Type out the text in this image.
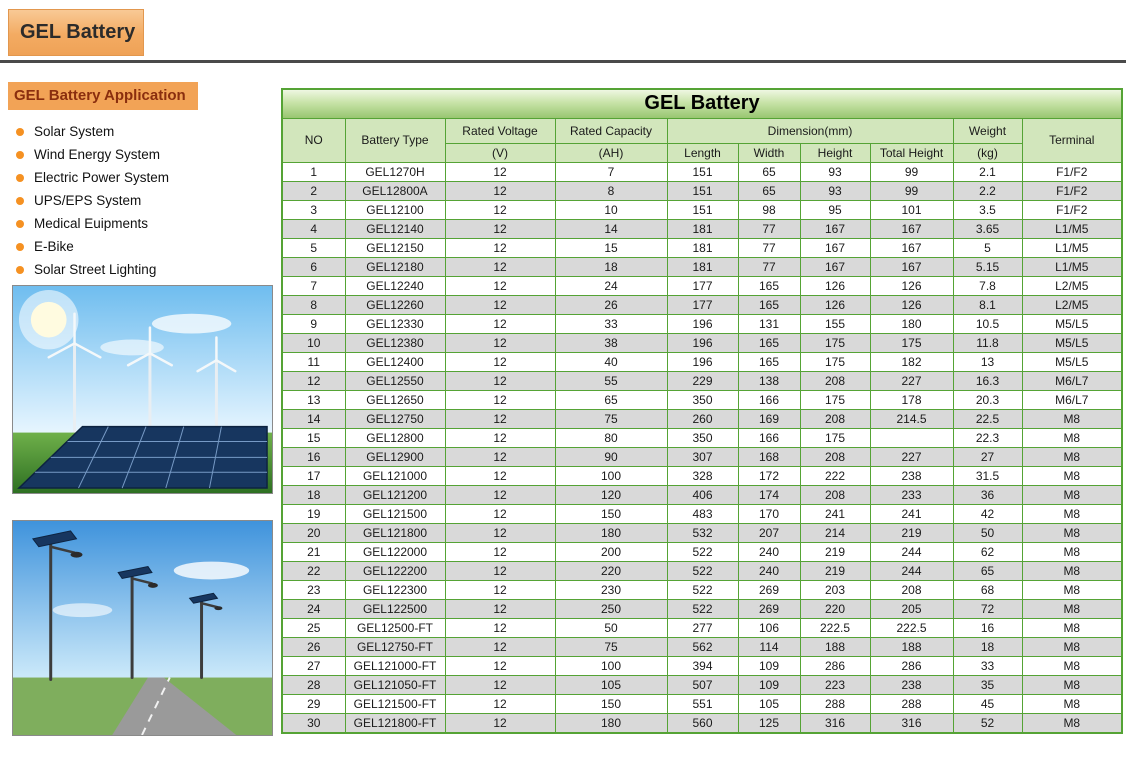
GEL Battery
GEL Battery Application
Solar System
Wind Energy System
Electric Power System
UPS/EPS System
Medical Euipments
E-Bike
Solar Street Lighting
GEL Battery									
NO	Battery Type	Rated Voltage	Rated Capacity	Dimension(mm)				Weight	Terminal
		(V)	(AH)	Length	Width	Height	Total Height	(kg)	
1	GEL1270H	12	7	151	65	93	99	2.1	F1/F2
2	GEL12800A	12	8	151	65	93	99	2.2	F1/F2
3	GEL12100	12	10	151	98	95	101	3.5	F1/F2
4	GEL12140	12	14	181	77	167	167	3.65	L1/M5
5	GEL12150	12	15	181	77	167	167	5	L1/M5
6	GEL12180	12	18	181	77	167	167	5.15	L1/M5
7	GEL12240	12	24	177	165	126	126	7.8	L2/M5
8	GEL12260	12	26	177	165	126	126	8.1	L2/M5
9	GEL12330	12	33	196	131	155	180	10.5	M5/L5
10	GEL12380	12	38	196	165	175	175	11.8	M5/L5
11	GEL12400	12	40	196	165	175	182	13	M5/L5
12	GEL12550	12	55	229	138	208	227	16.3	M6/L7
13	GEL12650	12	65	350	166	175	178	20.3	M6/L7
14	GEL12750	12	75	260	169	208	214.5	22.5	M8
15	GEL12800	12	80	350	166	175		22.3	M8
16	GEL12900	12	90	307	168	208	227	27	M8
17	GEL121000	12	100	328	172	222	238	31.5	M8
18	GEL121200	12	120	406	174	208	233	36	M8
19	GEL121500	12	150	483	170	241	241	42	M8
20	GEL121800	12	180	532	207	214	219	50	M8
21	GEL122000	12	200	522	240	219	244	62	M8
22	GEL122200	12	220	522	240	219	244	65	M8
23	GEL122300	12	230	522	269	203	208	68	M8
24	GEL122500	12	250	522	269	220	205	72	M8
25	GEL12500-FT	12	50	277	106	222.5	222.5	16	M8
26	GEL12750-FT	12	75	562	114	188	188	18	M8
27	GEL121000-FT	12	100	394	109	286	286	33	M8
28	GEL121050-FT	12	105	507	109	223	238	35	M8
29	GEL121500-FT	12	150	551	105	288	288	45	M8
30	GEL121800-FT	12	180	560	125	316	316	52	M8
